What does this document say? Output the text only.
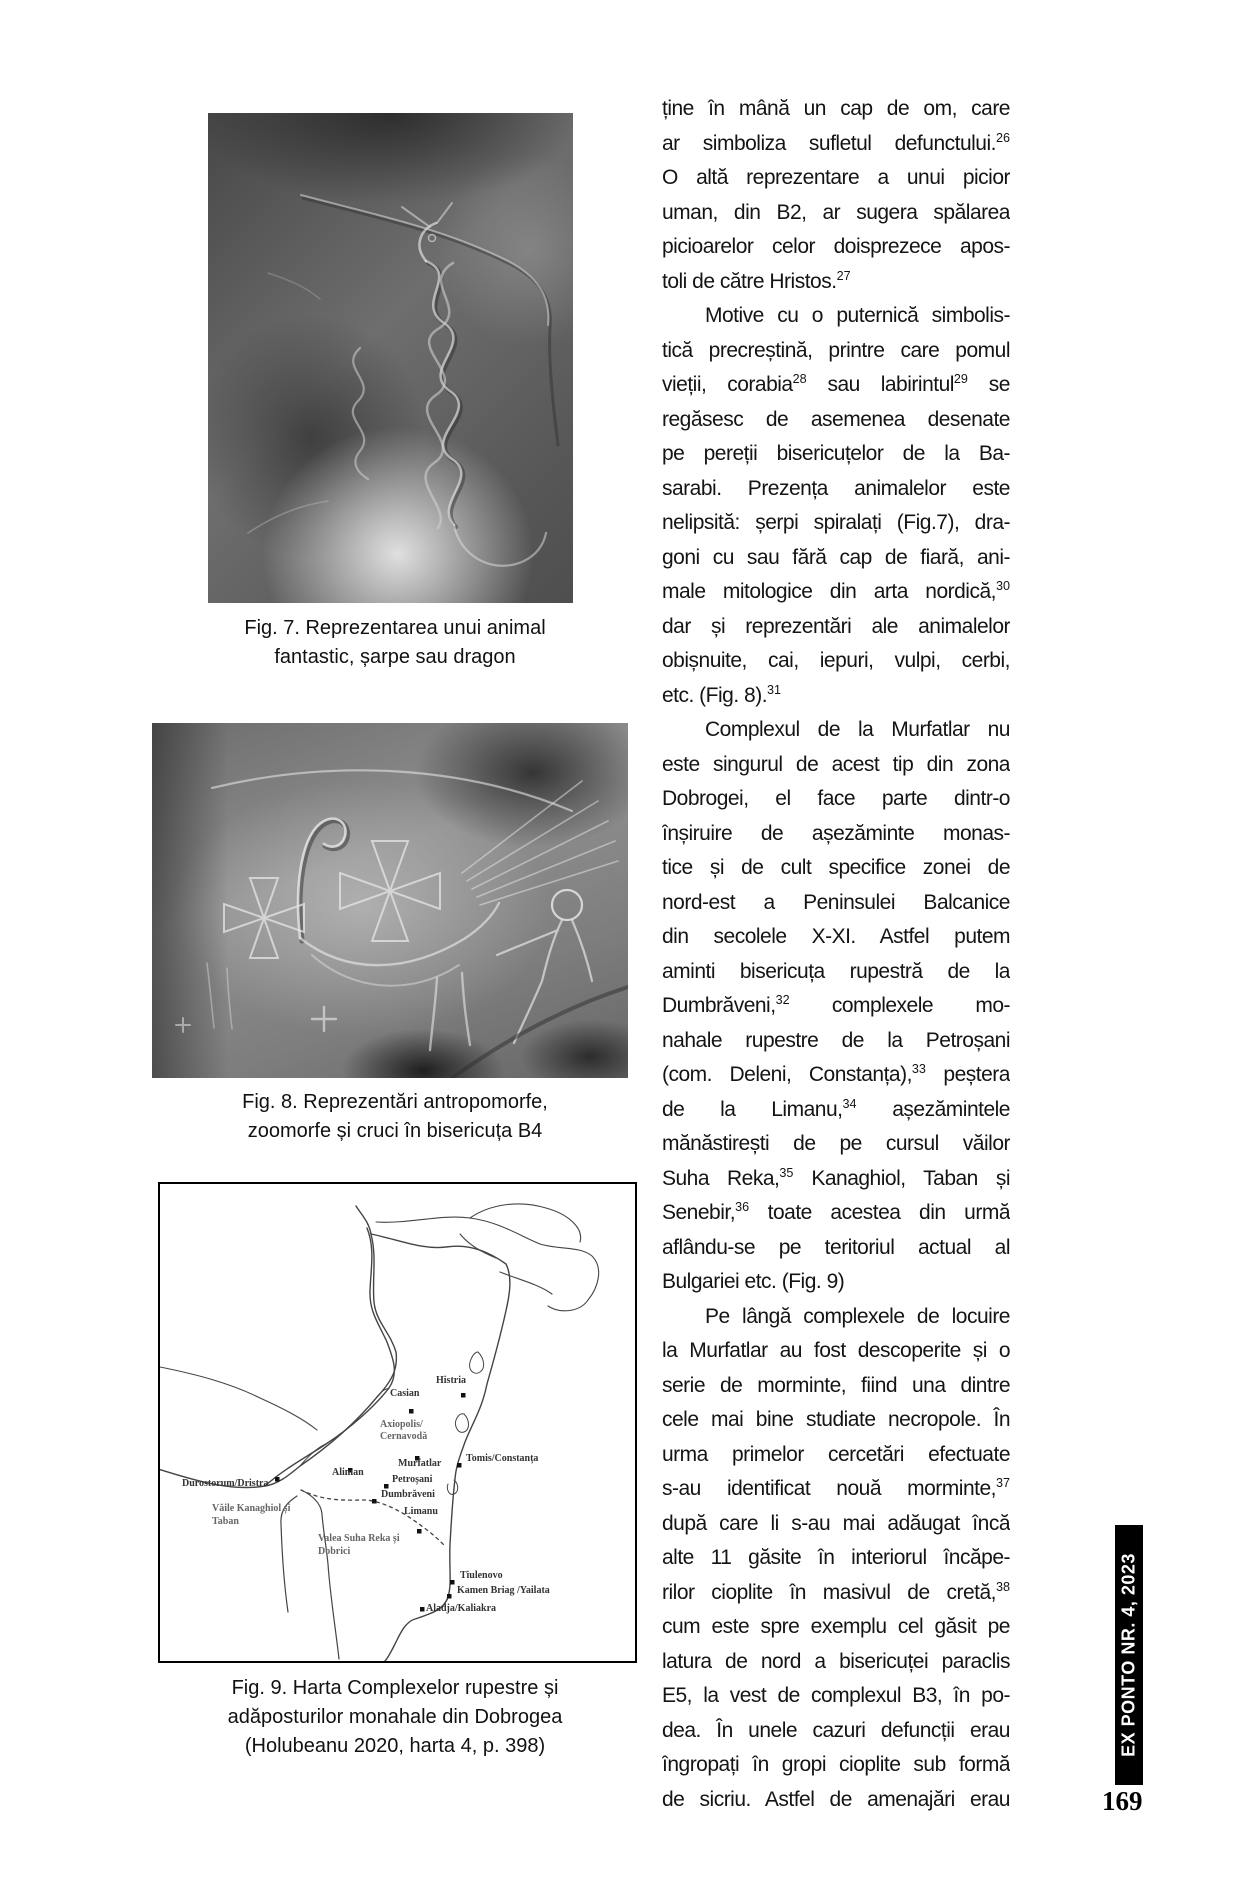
Fig. 7. Reprezentarea unui animal
fantastic, șarpe sau dragon
Fig. 8. Reprezentări antropomorfe,
zoomorfe și cruci în bisericuța B4
Durostorum/Dristra
Văile Kanaghiol și
Taban
Casian
Histria
Axiopolis/
Cernavodă
Murfatlar Tomis/Constanța
Aliman
Petroșani
Dumbrăveni
Limanu
Valea Suha Reka și
Dobrici
Tiulenovo
Kamen Briag /Yailata
Aladja/Kaliakra
Fig. 9. Harta Complexelor rupestre și
adăposturilor monahale din Dobrogea
(Holubeanu 2020, harta 4, p. 398)
ține în mână un cap de om, care
ar simboliza sufletul defunctului.$^{26}$
O altă reprezentare a unui picior
uman, din B2, ar sugera spălarea
picioarelor celor doisprezece apos-
toli de către Hristos.$^{27}$
Motive cu o puternică simbolis-
tică precreștină, printre care pomul
vieții, corabia$^{28}$ sau labirintul$^{29}$ se
regăsesc de asemenea desenate
pe pereții bisericuțelor de la Ba-
sarabi. Prezența animalelor este
nelipsită: șerpi spiralați (Fig.7), dra-
goni cu sau fără cap de fiară, ani-
male mitologice din arta nordică,$^{30}$
dar și reprezentări ale animalelor
obișnuite, cai, iepuri, vulpi, cerbi,
etc. (Fig. 8).$^{31}$
Complexul de la Murfatlar nu
este singurul de acest tip din zona
Dobrogei, el face parte dintr-o
înșiruire de așezăminte monas-
tice și de cult specifice zonei de
nord-est a Peninsulei Balcanice
din secolele X-XI. Astfel putem
aminti bisericuța rupestră de la
Dumbrăveni,$^{32}$ complexele mo-
nahale rupestre de la Petroșani
(com. Deleni, Constanța),$^{33}$ peștera
de la Limanu,$^{34}$ așezămintele
mănăstirești de pe cursul văilor
Suha Reka,$^{35}$ Kanaghiol, Taban și
Senebir,$^{36}$ toate acestea din urmă
aflându-se pe teritoriul actual al
Bulgariei etc. (Fig. 9)
Pe lângă complexele de locuire
la Murfatlar au fost descoperite și o
serie de morminte, fiind una dintre
cele mai bine studiate necropole. În
urma primelor cercetări efectuate
s-au identificat nouă morminte,$^{37}$
după care li s-au mai adăugat încă
alte 11 găsite în interiorul încăpe-
rilor cioplite în masivul de cretă,$^{38}$
cum este spre exemplu cel găsit pe
latura de nord a bisericuței paraclis
E5, la vest de complexul B3, în po-
dea. În unele cazuri defuncții erau
îngropați în gropi cioplite sub formă
de sicriu. Astfel de amenajări erau
EX PONTO NR. 4, 2023
169
